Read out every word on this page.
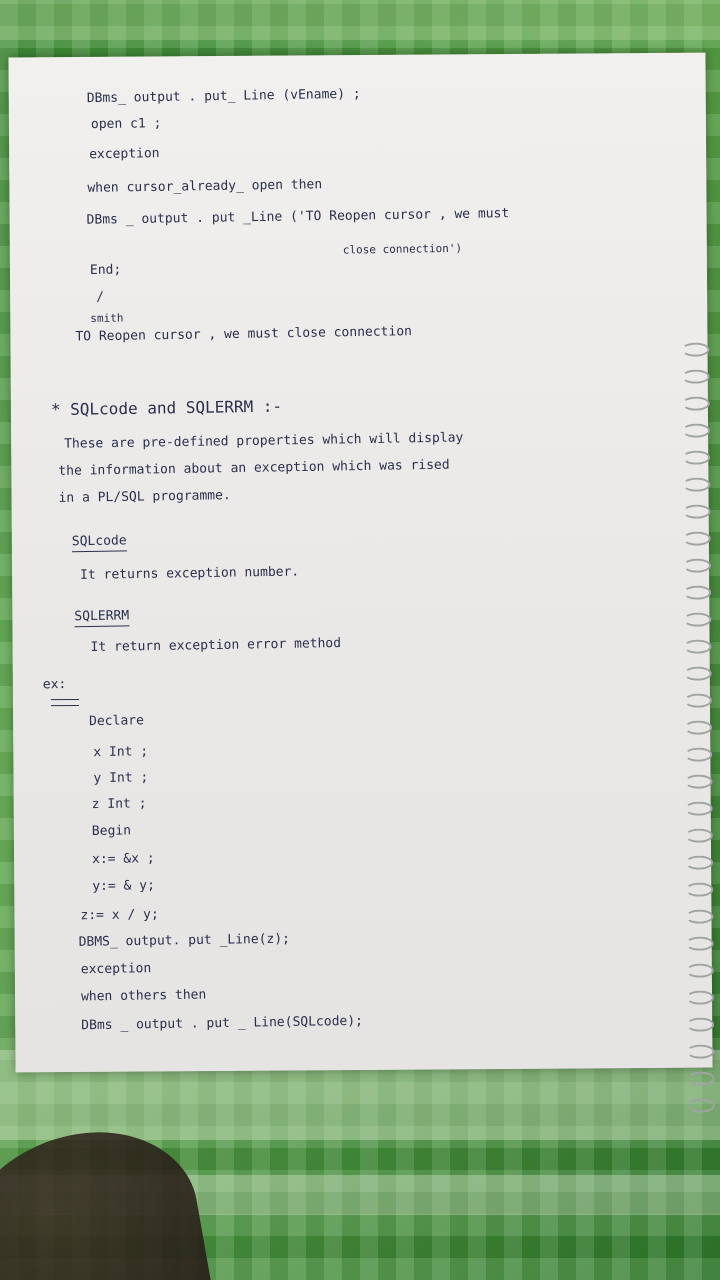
DBms_ output . put_ Line (vEname) ;
open c1 ;
exception
when cursor_already_ open then
DBms _ output . put _Line ('TO Reopen cursor , we must
close connection')
End;
/
smith
TO Reopen cursor , we must close connection
* SQLcode and SQLERRM :-
These are pre-defined properties which will display
the information about an exception which was rised
in a PL/SQL programme.
SQLcode
It returns exception number.
SQLERRM
It return exception error method
ex:
Declare
x Int ;
y Int ;
z Int ;
Begin
x:= &x ;
y:= & y;
z:= x / y;
DBMS_ output. put _Line(z);
exception
when others then
DBms _ output . put _ Line(SQLcode);
